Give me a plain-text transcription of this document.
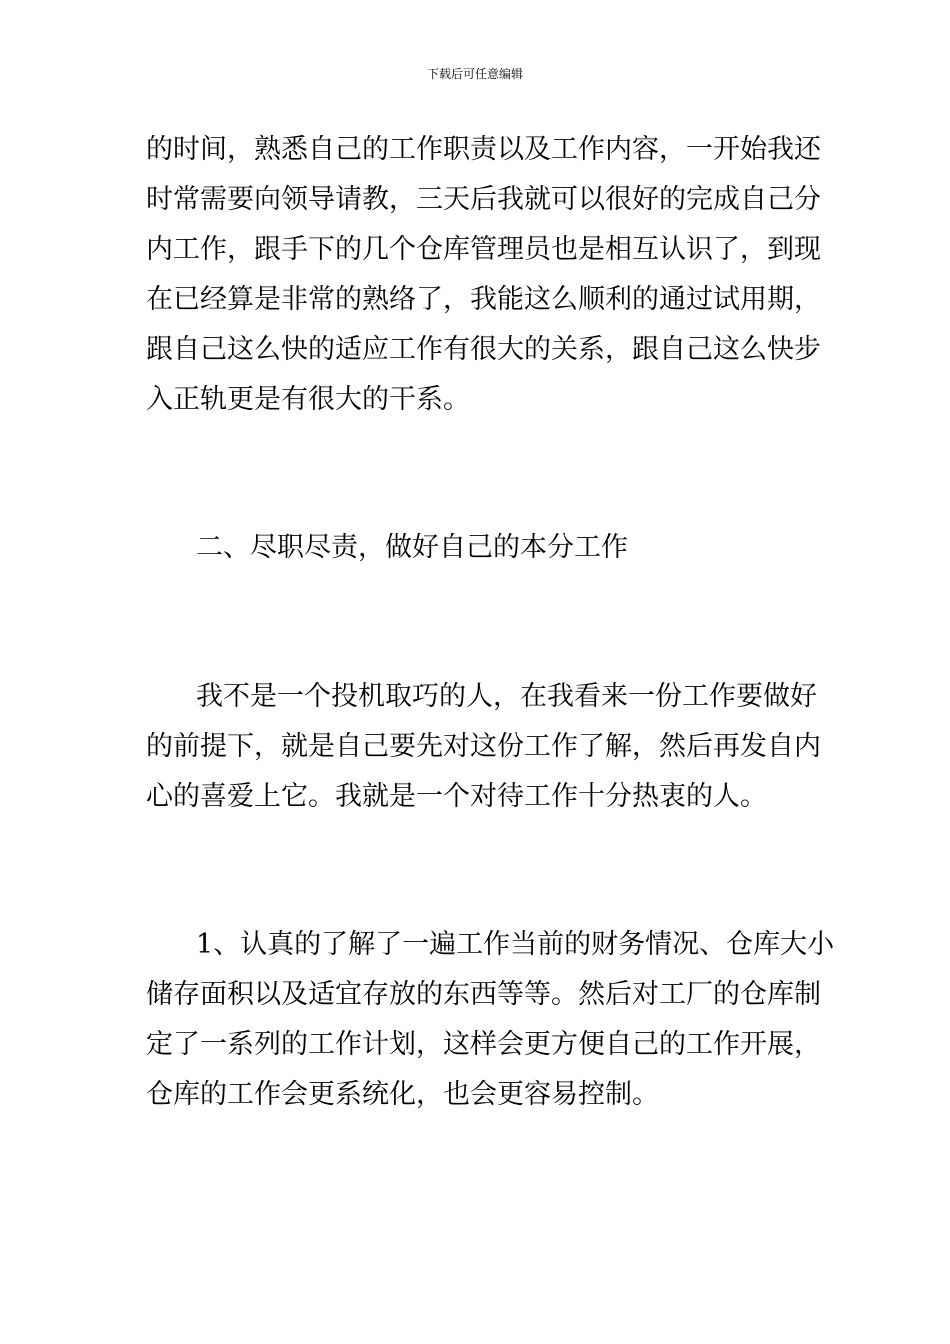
下载后可任意编辑
的时间，熟悉自己的工作职责以及工作内容，一开始我还
时常需要向领导请教，三天后我就可以很好的完成自己分
内工作，跟手下的几个仓库管理员也是相互认识了，到现
在已经算是非常的熟络了，我能这么顺利的通过试用期，
跟自己这么快的适应工作有很大的关系，跟自己这么快步
入正轨更是有很大的干系。
二、尽职尽责，做好自己的本分工作
我不是一个投机取巧的人，在我看来一份工作要做好
的前提下，就是自己要先对这份工作了解，然后再发自内
心的喜爱上它。我就是一个对待工作十分热衷的人。
1、认真的了解了一遍工作当前的财务情况、仓库大小
储存面积以及适宜存放的东西等等。然后对工厂的仓库制
定了一系列的工作计划，这样会更方便自己的工作开展，
仓库的工作会更系统化，也会更容易控制。
